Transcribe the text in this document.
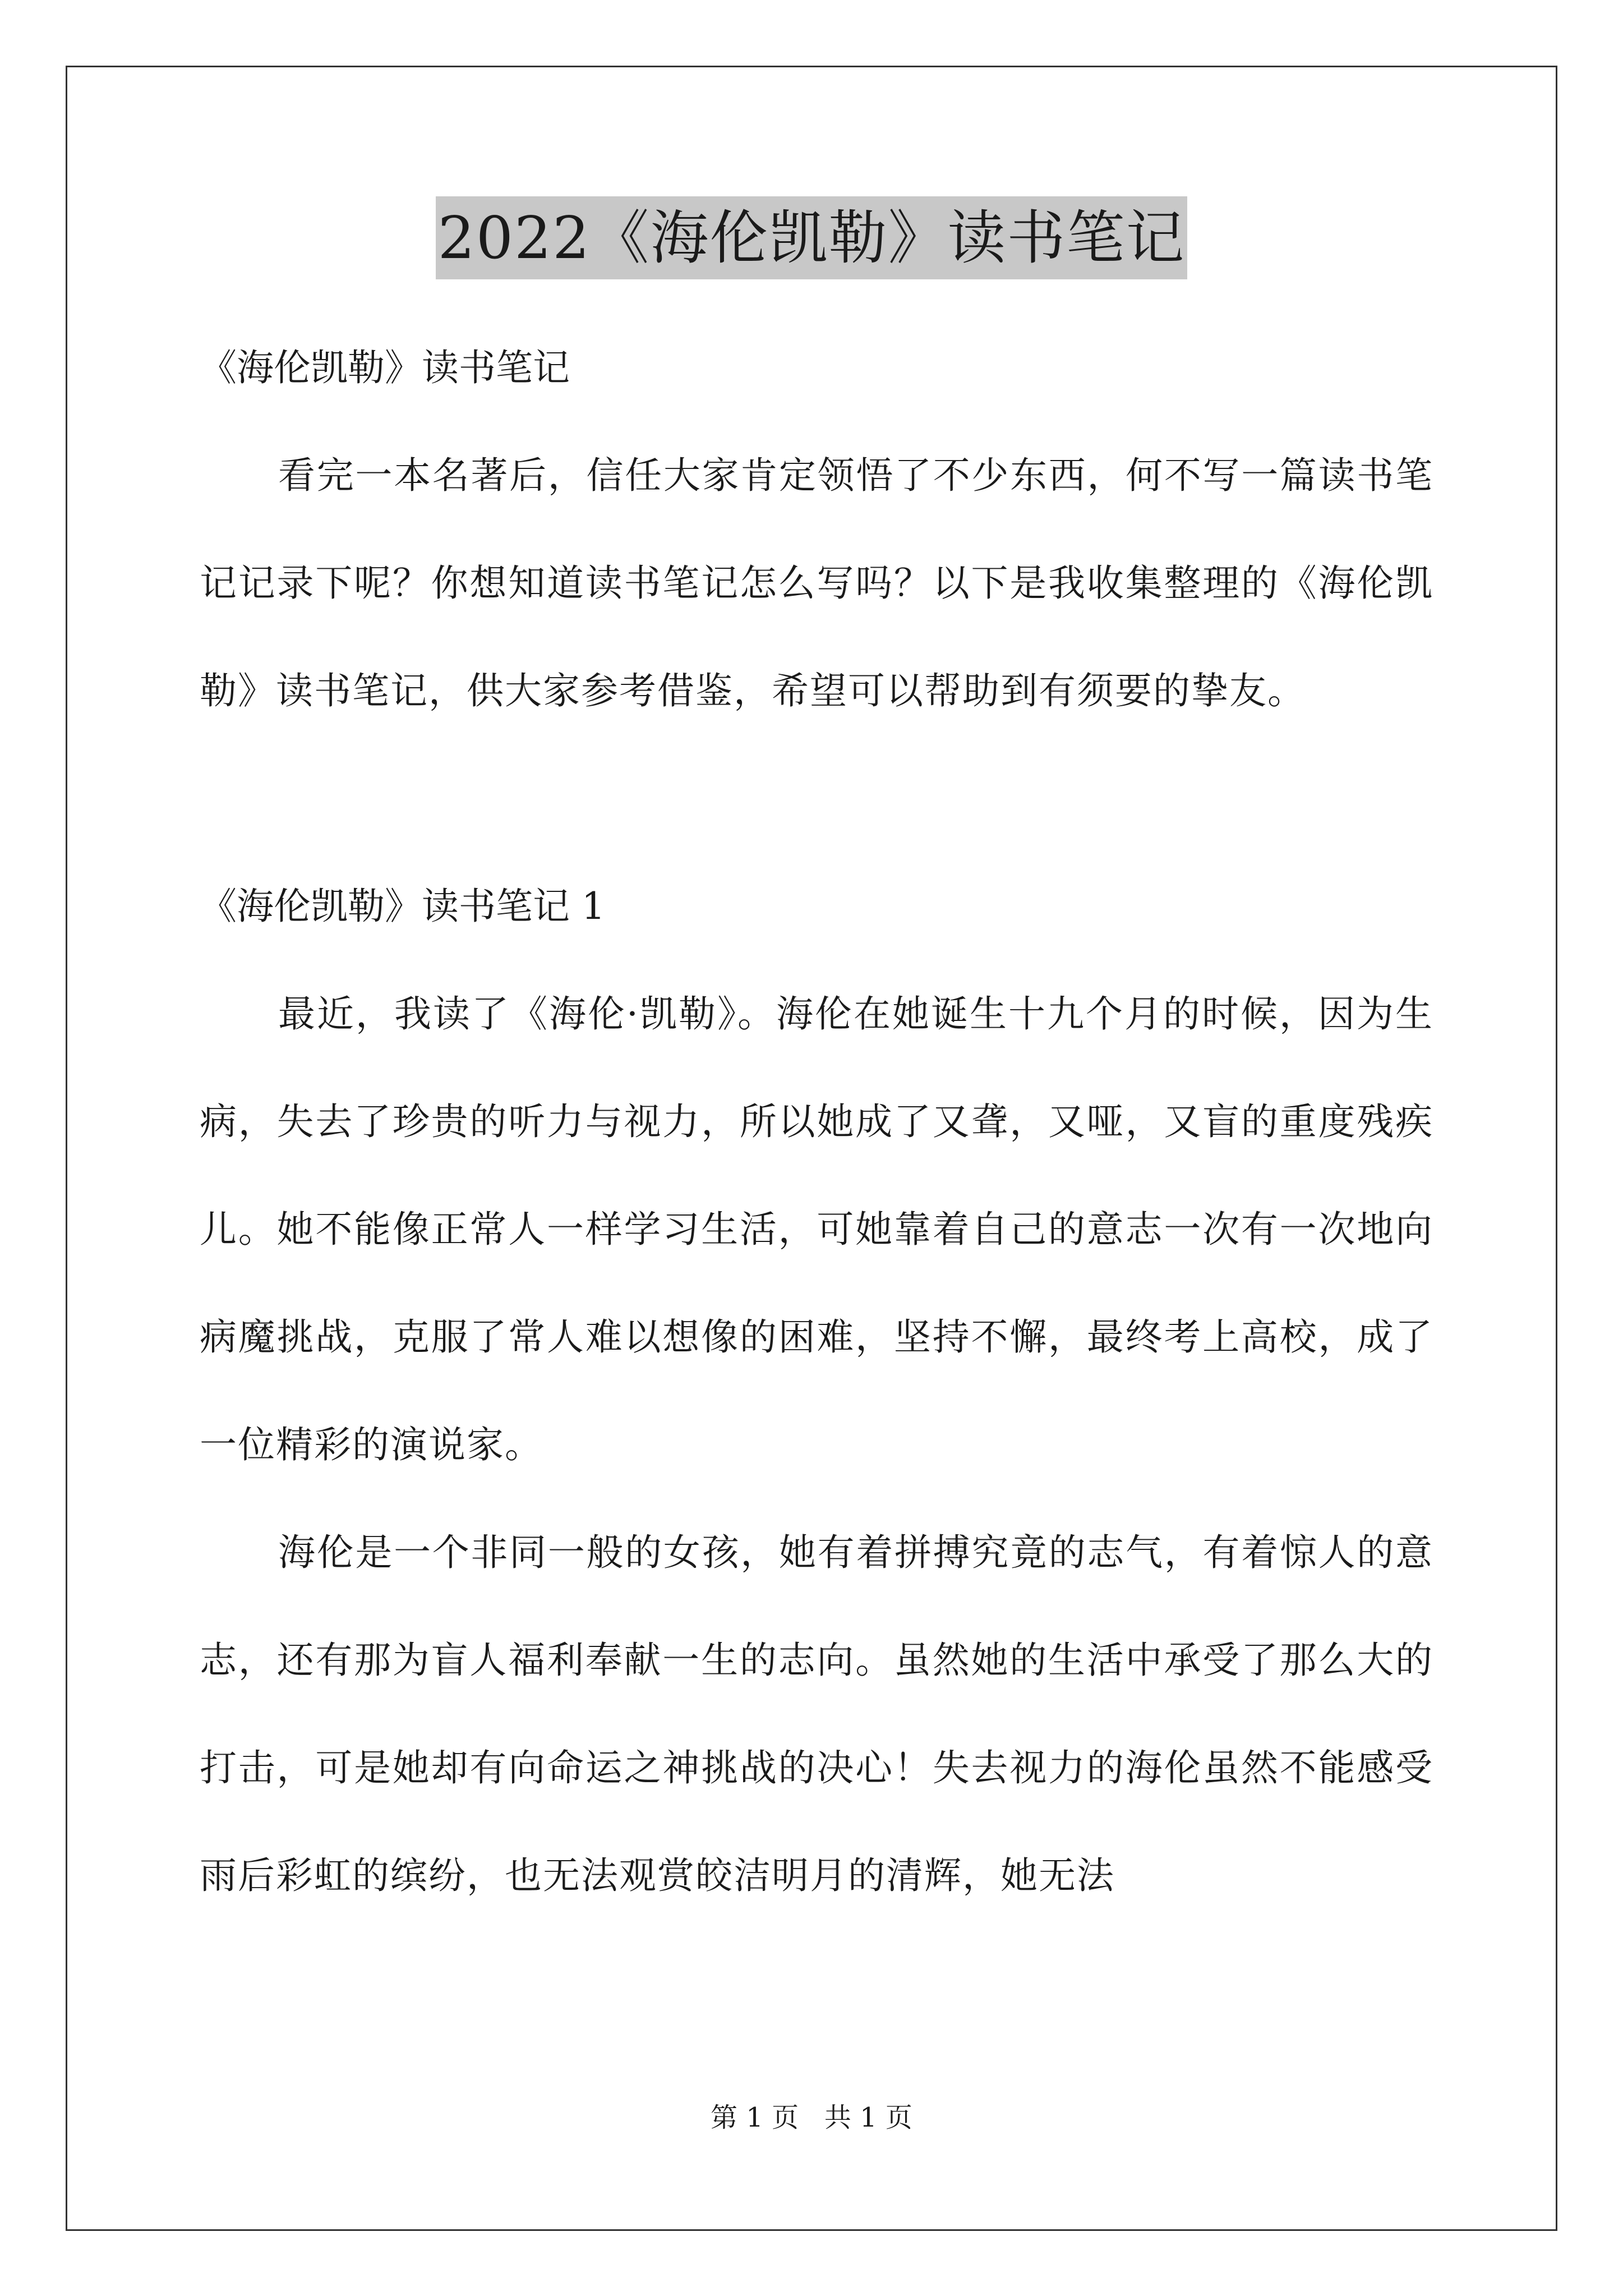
2022《海伦凯勒》读书笔记

《海伦凯勒》读书笔记

看完一本名著后，信任大家肯定领悟了不少东西，何不写一篇读书笔记记录下呢？你想知道读书笔记怎么写吗？以下是我收集整理的《海伦凯勒》读书笔记，供大家参考借鉴，希望可以帮助到有须要的挚友。

《海伦凯勒》读书笔记 1

最近，我读了《海伦·凯勒》。海伦在她诞生十九个月的时候，因为生病，失去了珍贵的听力与视力，所以她成了又聋，又哑，又盲的重度残疾儿。她不能像正常人一样学习生活，可她靠着自己的意志一次有一次地向病魔挑战，克服了常人难以想像的困难，坚持不懈，最终考上高校，成了一位精彩的演说家。

海伦是一个非同一般的女孩，她有着拼搏究竟的志气，有着惊人的意志，还有那为盲人福利奉献一生的志向。虽然她的生活中承受了那么大的打击，可是她却有向命运之神挑战的决心！失去视力的海伦虽然不能感受雨后彩虹的缤纷，也无法观赏皎洁明月的清辉，她无法

第 1 页   共 1 页
